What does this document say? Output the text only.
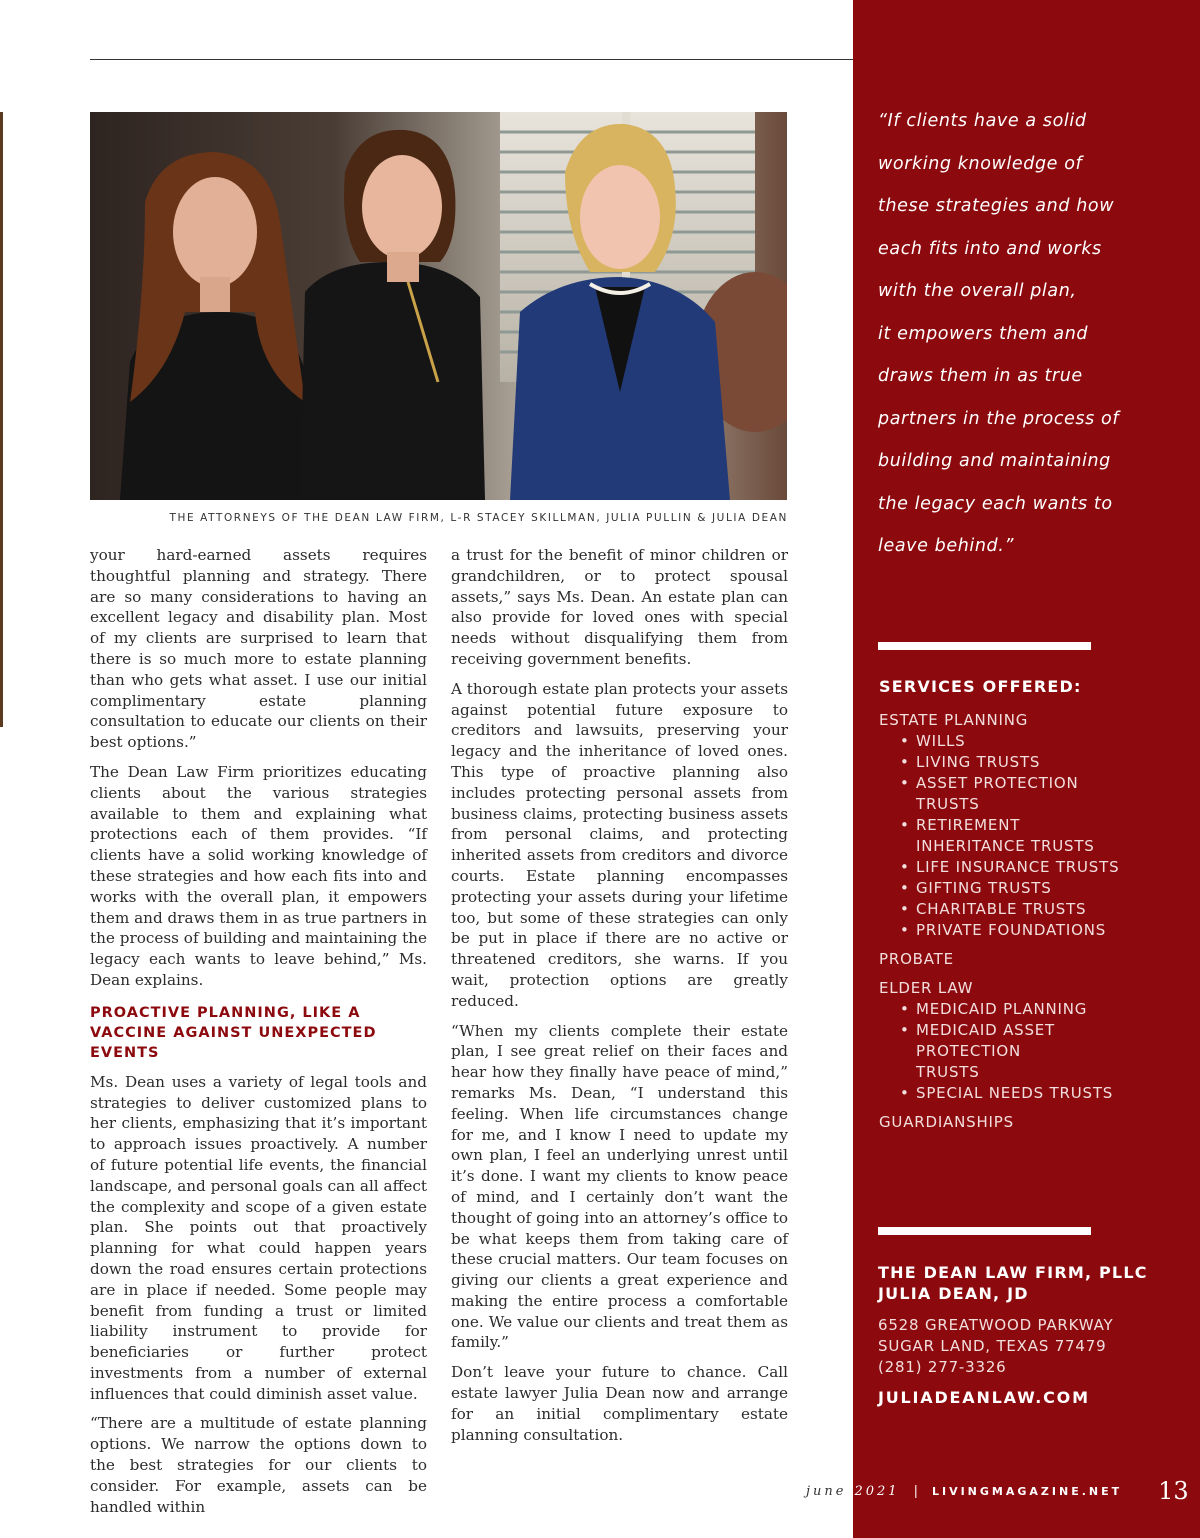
THE ATTORNEYS OF THE DEAN LAW FIRM, L-R STACEY SKILLMAN, JULIA PULLIN & JULIA DEAN

your hard-earned assets requires thoughtful planning and strategy. There are so many considerations to having an excellent legacy and disability plan. Most of my clients are surprised to learn that there is so much more to estate planning than who gets what asset. I use our initial complimentary estate planning consultation to educate our clients on their best options.”

The Dean Law Firm prioritizes educating clients about the various strategies available to them and explaining what protections each of them provides. “If clients have a solid working knowledge of these strategies and how each fits into and works with the overall plan, it empowers them and draws them in as true partners in the process of building and maintaining the legacy each wants to leave behind,” Ms. Dean explains.

PROACTIVE PLANNING, LIKE A VACCINE AGAINST UNEXPECTED EVENTS

Ms. Dean uses a variety of legal tools and strategies to deliver customized plans to her clients, emphasizing that it’s important to approach issues proactively. A number of future potential life events, the financial landscape, and personal goals can all affect the complexity and scope of a given estate plan. She points out that proactively planning for what could happen years down the road ensures certain protections are in place if needed. Some people may benefit from funding a trust or limited liability instrument to provide for beneficiaries or further protect investments from a number of external influences that could diminish asset value.

“There are a multitude of estate planning options. We narrow the options down to the best strategies for our clients to consider. For example, assets can be handled within

a trust for the benefit of minor children or grandchildren, or to protect spousal assets,” says Ms. Dean. An estate plan can also provide for loved ones with special needs without disqualifying them from receiving government benefits.

A thorough estate plan protects your assets against potential future exposure to creditors and lawsuits, preserving your legacy and the inheritance of loved ones. This type of proactive planning also includes protecting personal assets from business claims, protecting business assets from personal claims, and protecting inherited assets from creditors and divorce courts. Estate planning encompasses protecting your assets during your lifetime too, but some of these strategies can only be put in place if there are no active or threatened creditors, she warns. If you wait, protection options are greatly reduced.

“When my clients complete their estate plan, I see great relief on their faces and hear how they finally have peace of mind,” remarks Ms. Dean, “I understand this feeling. When life circumstances change for me, and I know I need to update my own plan, I feel an underlying unrest until it’s done. I want my clients to know peace of mind, and I certainly don’t want the thought of going into an attorney’s office to be what keeps them from taking care of these crucial matters. Our team focuses on giving our clients a great experience and making the entire process a comfortable one. We value our clients and treat them as family.”

Don’t leave your future to chance. Call estate lawyer Julia Dean now and arrange for an initial complimentary estate planning consultation.

“If clients have a solid
working knowledge of
these strategies and how
each fits into and works
with the overall plan,
it empowers them and
draws them in as true
partners in the process of
building and maintaining
the legacy each wants to
leave behind.”

SERVICES OFFERED:
ESTATE PLANNING
• WILLS
• LIVING TRUSTS
• ASSET PROTECTION TRUSTS
• RETIREMENT INHERITANCE TRUSTS
• LIFE INSURANCE TRUSTS
• GIFTING TRUSTS
• CHARITABLE TRUSTS
• PRIVATE FOUNDATIONS
PROBATE
ELDER LAW
• MEDICAID PLANNING
• MEDICAID ASSET PROTECTION TRUSTS
• SPECIAL NEEDS TRUSTS
GUARDIANSHIPS
THE DEAN LAW FIRM, PLLC
JULIA DEAN, JD
6528 GREATWOOD PARKWAY
SUGAR LAND, TEXAS 77479
(281) 277-3326
JULIADEANLAW.COM
june 2021 | LIVINGMAGAZINE.NET 13
